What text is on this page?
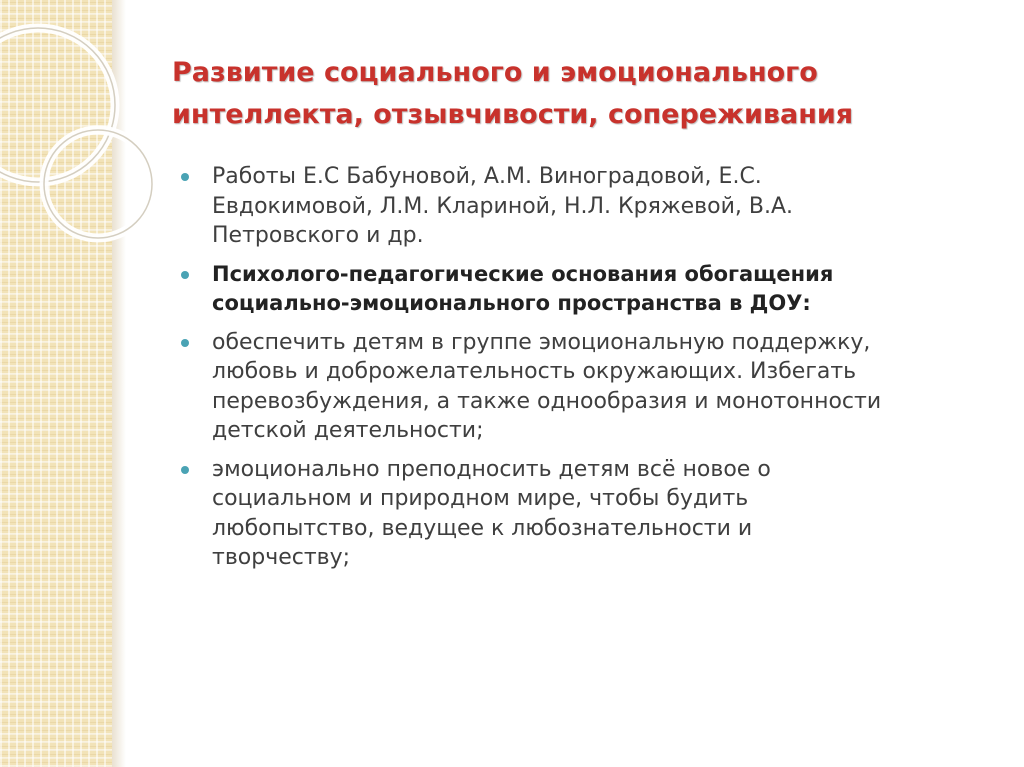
Развитие социального и эмоционального
интеллекта, отзывчивости, сопереживания
Работы Е.С Бабуновой, А.М. Виноградовой, Е.С.
Евдокимовой, Л.М. Клариной, Н.Л. Кряжевой, В.А.
Петровского и др.
Психолого-педагогические основания обогащения
социально-эмоционального пространства в ДОУ:
обеспечить детям в группе эмоциональную поддержку,
любовь и доброжелательность окружающих. Избегать
перевозбуждения, а также однообразия и монотонности
детской деятельности;
эмоционально преподносить детям всё новое о
социальном и природном мире, чтобы будить
любопытство, ведущее к любознательности и
творчеству;
